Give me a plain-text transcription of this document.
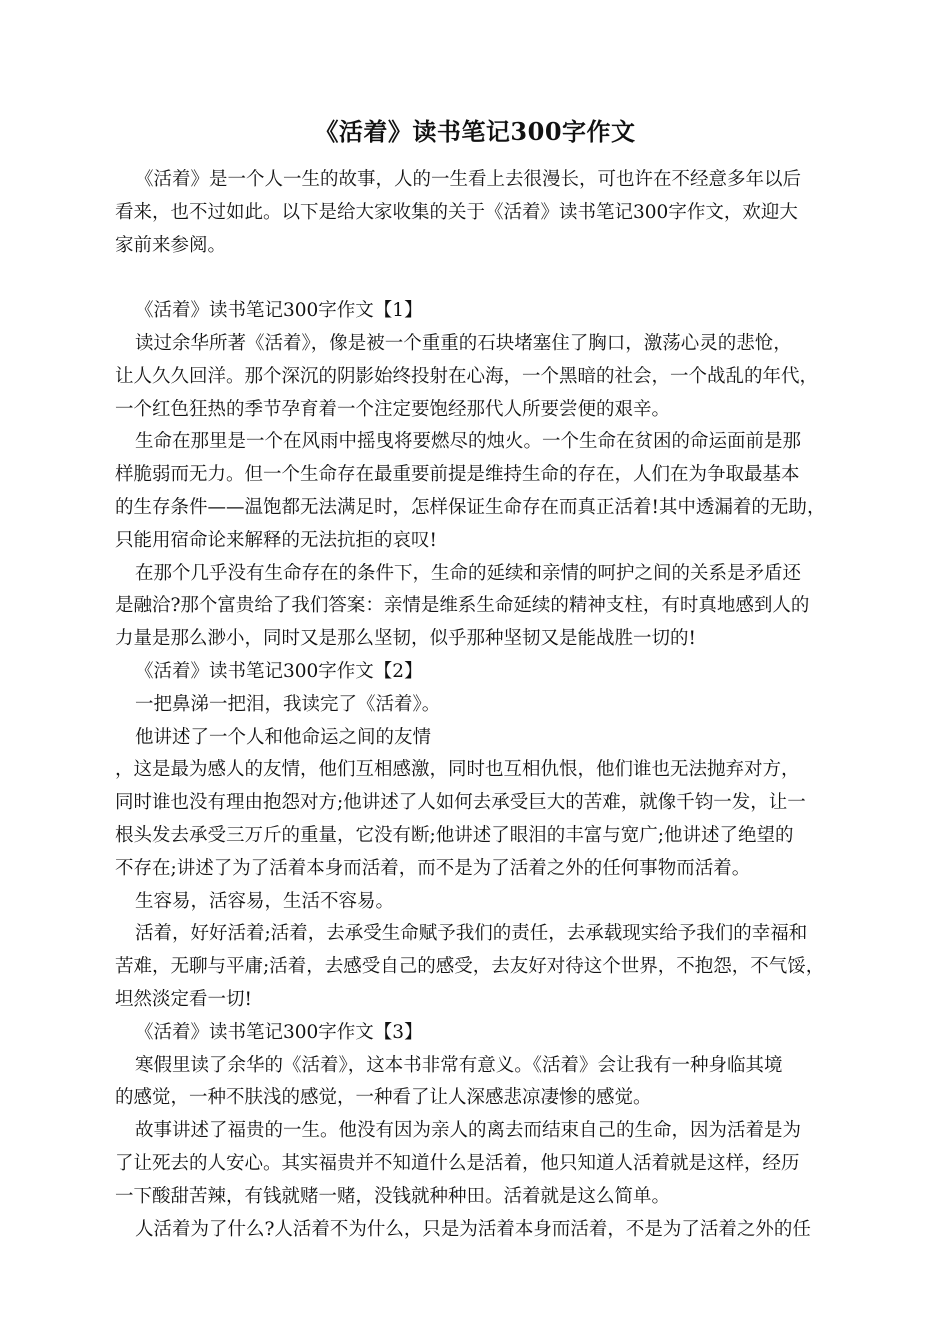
《活着》读书笔记300字作文
《活着》是一个人一生的故事，人的一生看上去很漫长，可也许在不经意多年以后
看来，也不过如此。以下是给大家收集的关于《活着》读书笔记300字作文，欢迎大
家前来参阅。
《活着》读书笔记300字作文【1】
读过余华所著《活着》，像是被一个重重的石块堵塞住了胸口，激荡心灵的悲怆，
让人久久回洋。那个深沉的阴影始终投射在心海，一个黑暗的社会，一个战乱的年代，
一个红色狂热的季节孕育着一个注定要饱经那代人所要尝便的艰辛。
生命在那里是一个在风雨中摇曳将要燃尽的烛火。一个生命在贫困的命运面前是那
样脆弱而无力。但一个生命存在最重要前提是维持生命的存在，人们在为争取最基本
的生存条件——温饱都无法满足时，怎样保证生命存在而真正活着!其中透漏着的无助，
只能用宿命论来解释的无法抗拒的哀叹!
在那个几乎没有生命存在的条件下，生命的延续和亲情的呵护之间的关系是矛盾还
是融洽?那个富贵给了我们答案：亲情是维系生命延续的精神支柱，有时真地感到人的
力量是那么渺小，同时又是那么坚韧，似乎那种坚韧又是能战胜一切的!
《活着》读书笔记300字作文【2】
一把鼻涕一把泪，我读完了《活着》。
他讲述了一个人和他命运之间的友情
，这是最为感人的友情，他们互相感激，同时也互相仇恨，他们谁也无法抛弃对方，
同时谁也没有理由抱怨对方;他讲述了人如何去承受巨大的苦难，就像千钧一发，让一
根头发去承受三万斤的重量，它没有断;他讲述了眼泪的丰富与宽广;他讲述了绝望的
不存在;讲述了为了活着本身而活着，而不是为了活着之外的任何事物而活着。
生容易，活容易，生活不容易。
活着，好好活着;活着，去承受生命赋予我们的责任，去承载现实给予我们的幸福和
苦难，无聊与平庸;活着，去感受自己的感受，去友好对待这个世界，不抱怨，不气馁，
坦然淡定看一切!
《活着》读书笔记300字作文【3】
寒假里读了余华的《活着》，这本书非常有意义。《活着》会让我有一种身临其境
的感觉，一种不肤浅的感觉，一种看了让人深感悲凉凄惨的感觉。
故事讲述了福贵的一生。他没有因为亲人的离去而结束自己的生命，因为活着是为
了让死去的人安心。其实福贵并不知道什么是活着，他只知道人活着就是这样，经历
一下酸甜苦辣，有钱就赌一赌，没钱就种种田。活着就是这么简单。
人活着为了什么?人活着不为什么，只是为活着本身而活着，不是为了活着之外的任
